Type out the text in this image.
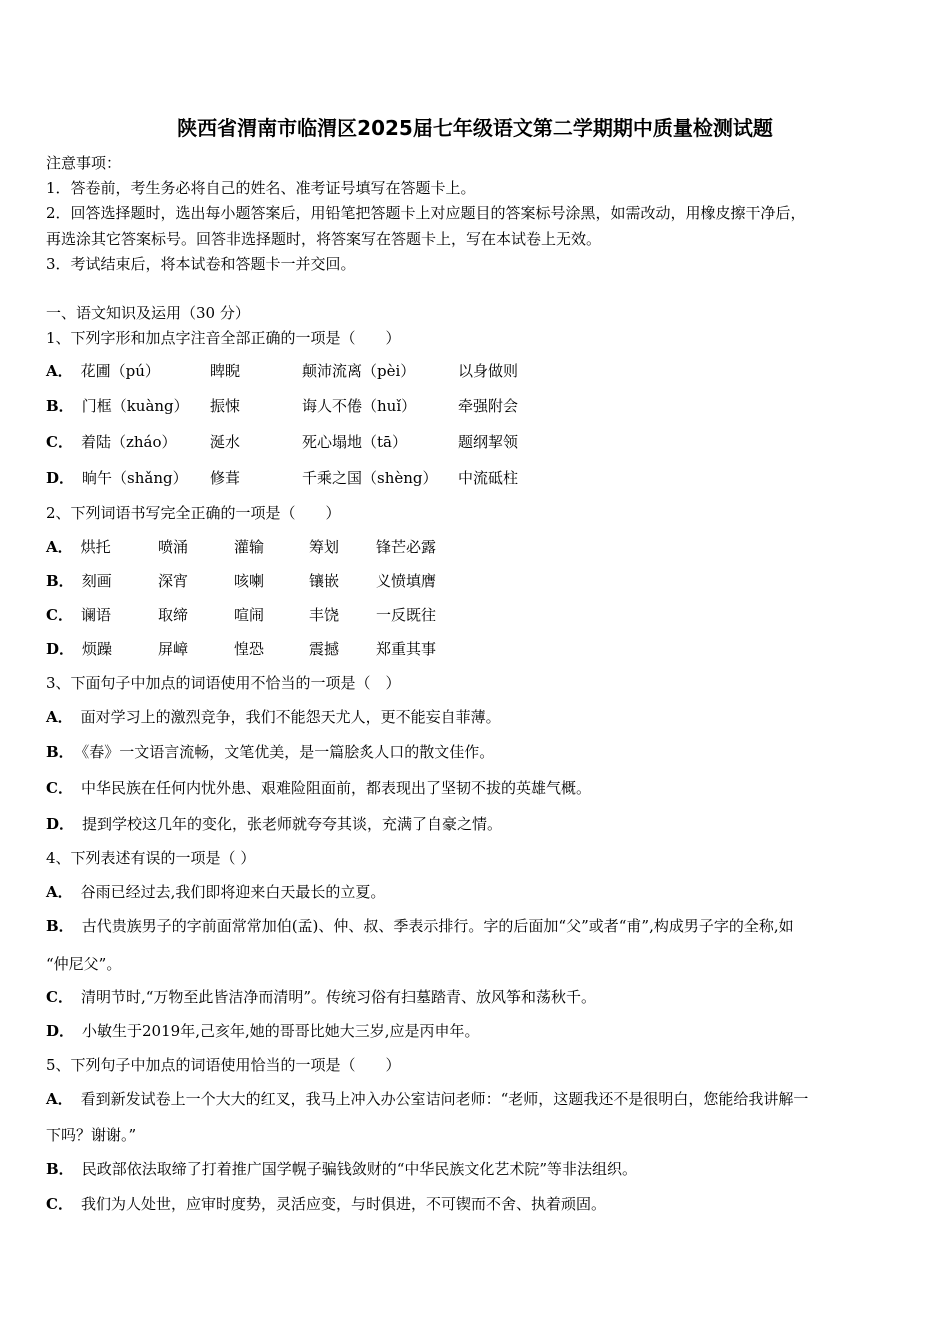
陕西省渭南市临渭区2025届七年级语文第二学期期中质量检测试题
注意事项：
1．答卷前，考生务必将自己的姓名、准考证号填写在答题卡上。
2．回答选择题时，选出每小题答案后，用铅笔把答题卡上对应题目的答案标号涂黑，如需改动，用橡皮擦干净后，
再选涂其它答案标号。回答非选择题时，将答案写在答题卡上，写在本试卷上无效。
3．考试结束后，将本试卷和答题卡一并交回。
一、语文知识及运用（30 分）
1、下列字形和加点字注音全部正确的一项是（　　）
A． 花圃（pú）	睥睨	颠沛流离（pèi）	以身做则
B． 门框（kuàng） 振悚	诲人不倦（huǐ）	牵强附会
C． 着陆（zháo） 涎水	死心塌地（tā）	题纲挈领
D． 晌午（shǎng） 修葺	千乘之国（shèng） 中流砥柱
2、下列词语书写完全正确的一项是（　　）
A． 烘托	喷涌	灌输	筹划 锋芒必露
B． 刻画	深宵	咳喇	镶嵌 义愤填膺
C． 谰语	取缔	喧闹	丰饶 一反既往
D． 烦躁	屏嶂	惶恐	震撼 郑重其事
3、下面句子中加点的词语使用不恰当的一项是（　）
A． 面对学习上的激烈竞争，我们不能怨天尤人，更不能妄自菲薄。
B． 《春》一文语言流畅，文笔优美，是一篇脍炙人口的散文佳作。
C． 中华民族在任何内忧外患、艰难险阻面前，都表现出了坚韧不拔的英雄气概。
D． 提到学校这几年的变化，张老师就夸夸其谈，充满了自豪之情。
4、下列表述有误的一项是（ ）
A． 谷雨已经过去,我们即将迎来白天最长的立夏。
B． 古代贵族男子的字前面常常加伯(孟)、仲、叔、季表示排行。字的后面加“父”或者“甫”,构成男子字的全称,如
“仲尼父”。
C． 清明节时,“万物至此皆洁净而清明”。传统习俗有扫墓踏青、放风筝和荡秋千。
D． 小敏生于2019年,己亥年,她的哥哥比她大三岁,应是丙申年。
5、下列句子中加点的词语使用恰当的一项是（　　）
A． 看到新发试卷上一个大大的红叉，我马上冲入办公室诘问老师：“老师，这题我还不是很明白，您能给我讲解一
下吗？谢谢。”
B． 民政部依法取缔了打着推广国学幌子骗钱敛财的“中华民族文化艺术院”等非法组织。
C． 我们为人处世，应审时度势，灵活应变，与时俱进，不可锲而不舍、执着顽固。
